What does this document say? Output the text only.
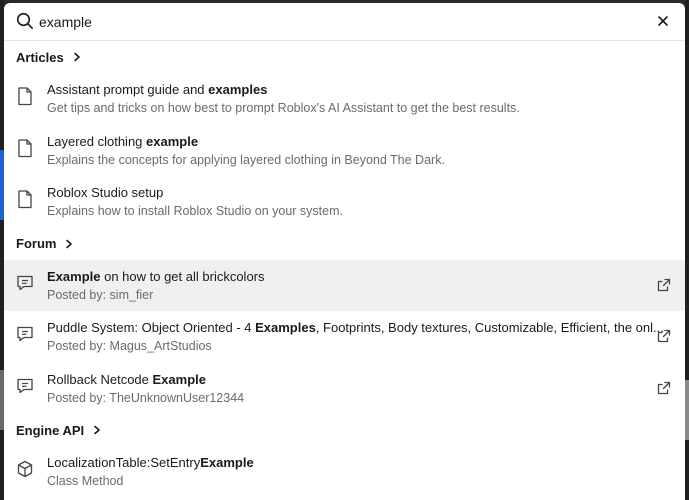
example
Articles
Assistant prompt guide and examples
Get tips and tricks on how best to prompt Roblox's AI Assistant to get the best results.
Layered clothing example
Explains the concepts for applying layered clothing in Beyond The Dark.
Roblox Studio setup
Explains how to install Roblox Studio on your system.
Forum
Example on how to get all brickcolors
Posted by: sim_fier
Puddle System: Object Oriented - 4 Examples, Footprints, Body textures, Customizable, Efficient, the onl...
Posted by: Magus_ArtStudios
Rollback Netcode Example
Posted by: TheUnknownUser12344
Engine API
LocalizationTable:SetEntryExample
Class Method
